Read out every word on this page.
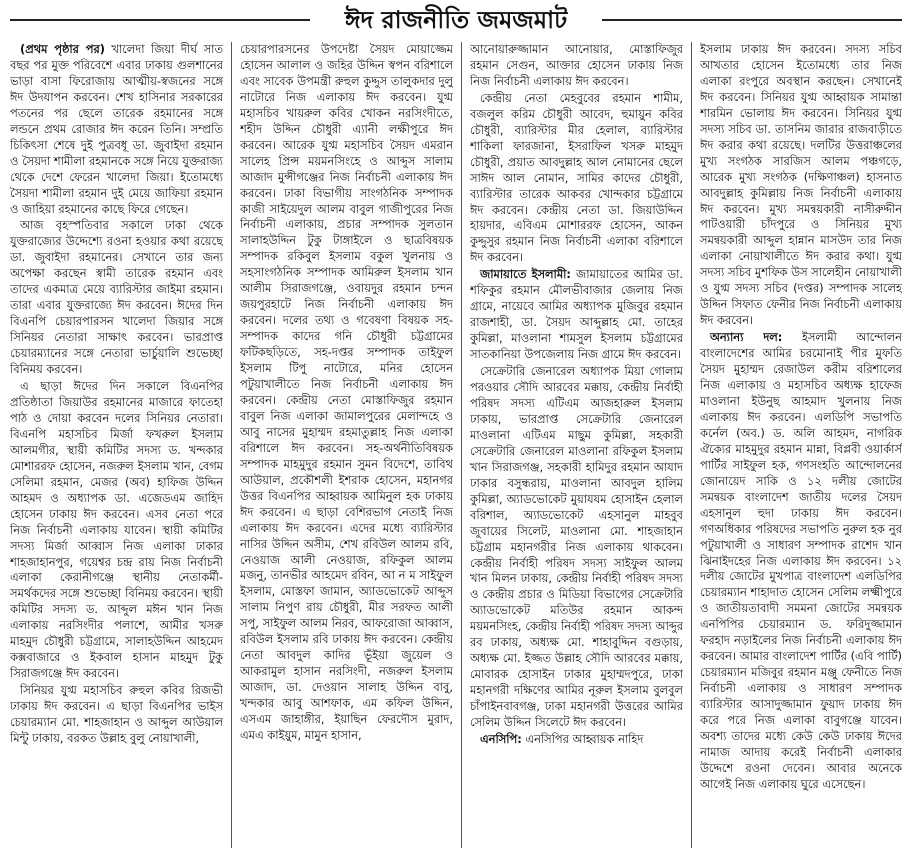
ঈদ রাজনীতি জমজমাট

(প্রথম পৃষ্ঠার পর) খালেদা জিয়া দীর্ঘ সাত বছর পর মুক্ত পরিবেশে এবার ঢাকায় গুলশানের ভাড়া বাসা ফিরোজায় আত্মীয়-স্বজনের সঙ্গে ঈদ উদযাপন করবেন। শেখ হাসিনার সরকারের পতনের পর ছেলে তারেক রহমানের সঙ্গে লন্ডনে প্রথম রোজার ঈদ করেন তিনি। সম্প্রতি চিকিৎসা শেষে দুই পুত্রবধূ ডা. জুবাইদা রহমান ও সৈয়দা শামীলা রহমানকে সঙ্গে নিয়ে যুক্তরাজ্য থেকে দেশে ফেরেন খালেদা জিয়া। ইতোমধ্যে সৈয়দা শামীলা রহমান দুই মেয়ে জাফিয়া রহমান ও জাহিয়া রহমানের কাছে ফিরে গেছেন।

আজ বৃহস্পতিবার সকালে ঢাকা থেকে যুক্তরাজ্যের উদ্দেশ্যে রওনা হওয়ার কথা রয়েছে ডা. জুবাইদা রহমানের। সেখানে তার জন্য অপেক্ষা করছেন স্বামী তারেক রহমান এবং তাদের একমাত্র মেয়ে ব্যারিস্টার জাইমা রহমান। তারা এবার যুক্তরাজ্যে ঈদ করবেন। ঈদের দিন বিএনপি চেয়ারপারসন খালেদা জিয়ার সঙ্গে সিনিয়র নেতারা সাক্ষাৎ করবেন। ভারপ্রাপ্ত চেয়ারম্যানের সঙ্গে নেতারা ভার্চুয়ালি শুভেচ্ছা বিনিময় করবেন।

এ ছাড়া ঈদের দিন সকালে বিএনপির প্রতিষ্ঠাতা জিয়াউর রহমানের মাজারে ফাতেহা পাঠ ও দোয়া করবেন দলের সিনিয়র নেতারা। বিএনপি মহাসচিব মির্জা ফখরুল ইসলাম আলমগীর, স্থায়ী কমিটির সদস্য ড. খন্দকার মোশাররফ হোসেন, নজরুল ইসলাম খান, বেগম সেলিমা রহমান, মেজর (অব) হাফিজ উদ্দিন আহমদ ও অধ্যাপক ডা. এজেডএম জাহিদ হোসেন ঢাকায় ঈদ করবেন। এসব নেতা পরে নিজ নির্বাচনী এলাকায় যাবেন। স্থায়ী কমিটির সদস্য মির্জা আব্বাস নিজ এলাকা ঢাকার শাহজাহানপুর, গয়েশ্বর চন্দ্র রায় নিজ নির্বাচনী এলাকা কেরানীগঞ্জে স্থানীয় নেতাকর্মী-সমর্থকদের সঙ্গে শুভেচ্ছা বিনিময় করবেন। স্থায়ী কমিটির সদস্য ড. আব্দুল মঈন খান নিজ এলাকায় নরসিংদীর পলাশে, আমীর খসরু মাহমুদ চৌধুরী চট্টগ্রামে, সালাহউদ্দিন আহমেদ কক্সবাজারে ও ইকবাল হাসান মাহমুদ টুকু সিরাজগঞ্জে ঈদ করবেন।

সিনিয়র যুগ্ম মহাসচিব রুহুল কবির রিজভী ঢাকায় ঈদ করবেন। এ ছাড়া বিএনপির ভাইস চেয়ারম্যান মো. শাহজাহান ও আব্দুল আউয়াল মিন্টু ঢাকায়, বরকত উল্লাহ বুলু নোয়াখালী,

চেয়ারপারসনের উপদেষ্টা সৈয়দ মোয়াজ্জেম হোসেন আলাল ও জহির উদ্দিন স্বপন বরিশালে এবং সাবেক উপমন্ত্রী রুহুল কুদ্দুস তালুকদার দুলু নাটোরে নিজ এলাকায় ঈদ করবেন। যুগ্ম মহাসচিব খায়রুল কবির খোকন নরসিংদীতে, শহীদ উদ্দিন চৌধুরী এ্যানী লক্ষীপুরে ঈদ করবেন। আরেক যুগ্ম মহাসচিব সৈয়দ এমরান সালেহ প্রিন্স ময়মনসিংহে ও আব্দুস সালাম আজাদ মুন্সীগঞ্জের নিজ নির্বাচনী এলাকায় ঈদ করবেন। ঢাকা বিভাগীয় সাংগঠনিক সম্পাদক কাজী সাইয়েদুল আলম বাবুল গাজীপুরের নিজ নির্বাচনী এলাকায়, প্রচার সম্পাদক সুলতান সালাহউদ্দিন টুকু টাঙ্গাইলে ও ছাত্রবিষয়ক সম্পাদক রকিবুল ইসলাম বকুল খুলনায় ও সহসাংগঠনিক সম্পাদক আমিরুল ইসলাম খান আলীম সিরাজগঞ্জে, ওবায়দুর রহমান চন্দন জয়পুরহাটে নিজ নির্বাচনী এলাকায় ঈদ করবেন। দলের তথ্য ও গবেষণা বিষয়ক সহ-সম্পাদক কাদের গনি চৌধুরী চট্টগ্রামের ফটিকছড়িতে, সহ-দপ্তর সম্পাদক তাইফুল ইসলাম টিপু নাটোরে, মনির হোসেন পটুয়াখালীতে নিজ নির্বাচনী এলাকায় ঈদ করবেন। কেন্দ্রীয় নেতা মোস্তাফিজুর রহমান বাবুল নিজ এলাকা জামালপুরের মেলান্দহে ও আবু নাসের মুহাম্মদ রহমাতুল্লাহ নিজ এলাকা বরিশালে ঈদ করবেন। সহ-অর্থনীতিবিষয়ক সম্পাদক মাহমুদুর রহমান সুমন বিদেশে, তাবিথ আউয়াল, প্রকৌশলী ইশরাক হোসেন, মহানগর উত্তর বিএনপির আহ্বায়ক আমিনুল হক ঢাকায় ঈদ করবেন। এ ছাড়া বেশিরভাগ নেতাই নিজ এলাকায় ঈদ করবেন। এদের মধ্যে ব্যারিস্টার নাসির উদ্দিন অসীম, শেখ রবিউল আলম রবি, নেওয়াজ আলী নেওয়াজ, রফিকুল আলম মজনু, তানভীর আহমেদ রবিন, আ ন ম সাইফুল ইসলাম, মোস্তফা জামান, অ্যাডভোকেট আব্দুস সালাম নিপুণ রায় চৌধুরী, মীর সরফত আলী সপু, সাইফুল আলম নিরব, আফরোজা আব্বাস, রবিউল ইসলাম রবি ঢাকায় ঈদ করবেন। কেন্দ্রীয় নেতা আবদুল কাদির ভূঁইয়া জুয়েল ও আকরামুল হাসান নরসিংদী, নজরুল ইসলাম আজাদ, ডা. দেওয়ান সালাহ উদ্দিন বাবু, খন্দকার আবু আশফাক, এম কফিল উদ্দিন, এসএম জাহাঙ্গীর, ইয়াছিন ফেরদৌস মুরাদ, এমএ কাইয়ুম, মামুন হাসান,

আনোয়ারুজ্জামান আনোয়ার, মোস্তাফিজুর রহমান সেগুন, আক্তার হোসেন ঢাকায় নিজ নিজ নির্বাচনী এলাকায় ঈদ করবেন।

কেন্দ্রীয় নেতা মেহবুবের রহমান শামীম, বজলুল করিম চৌধুরী আবেদ, হুমায়ুন কবির চৌধুরী, ব্যারিস্টার মীর হেলাল, ব্যারিস্টার শাকিলা ফারজানা, ইসরাফিল খসরু মাহমুদ চৌধুরী, প্রয়াত আবদুল্লাহ আল নোমানের ছেলে সাঈদ আল নোমান, সামির কাদের চৌধুরী, ব্যারিস্টার তারেক আকবর খোন্দকার চট্টগ্রামে ঈদ করবেন। কেন্দ্রীয় নেতা ডা. জিয়াউদ্দিন হায়দার, এবিএম মোশাররফ হোসেন, আকন কুদ্দুসুর রহমান নিজ নির্বাচনী এলাকা বরিশালে ঈদ করবেন।

জামায়াতে ইসলামী: জামায়াতের আমির ডা. শফিকুর রহমান মৌলভীবাজার জেলায় নিজ গ্রামে, নায়েবে আমির অধ্যাপক মুজিবুর রহমান রাজশাহী, ডা. সৈয়দ আব্দুল্লাহ মো. তাহের কুমিল্লা, মাওলানা শামসুল ইসলাম চট্টগ্রামের সাতকানিয়া উপজেলায় নিজ গ্রামে ঈদ করবেন।

সেক্রেটারি জেনারেল অধ্যাপক মিয়া গোলাম পরওয়ার সৌদি আরবের মক্কায়, কেন্দ্রীয় নির্বাহী পরিষদ সদস্য এটিএম আজহারুল ইসলাম ঢাকায়, ভারপ্রাপ্ত সেক্রেটারি জেনারেল মাওলানা এটিএম মাছুম কুমিল্লা, সহকারী সেক্রেটারি জেনারেল মাওলানা রফিকুল ইসলাম খান সিরাজগঞ্জ, সহকারী হামিদুর রহমান আযাদ ঢাকার বসুন্ধরায়, মাওলানা আবদুল হালিম কুমিল্লা, অ্যাডভোকেট মুয়াযযম হোসাইন হেলাল বরিশাল, অ্যাডভোকেট এহসানুল মাহবুব জুবায়ের সিলেট, মাওলানা মো. শাহজাহান চট্টগ্রাম মহানগরীর নিজ এলাকায় থাকবেন। কেন্দ্রীয় নির্বাহী পরিষদ সদস্য সাইফুল আলম খান মিলন ঢাকায়, কেন্দ্রীয় নির্বাহী পরিষদ সদস্য ও কেন্দ্রীয় প্রচার ও মিডিয়া বিভাগের সেক্রেটারি অ্যাডভোকেট মতিউর রহমান আকন্দ ময়মনসিংহ, কেন্দ্রীয় নির্বাহী পরিষদ সদস্য আব্দুর রব ঢাকায়, অধ্যক্ষ মো. শাহাবুদ্দিন বগুড়ায়, অধ্যক্ষ মো. ইজ্জত উল্লাহ সৌদি আরবের মক্কায়, মোবারক হোসাইন ঢাকার মুহাম্মদপুরে, ঢাকা মহানগরী দক্ষিণের আমির নূরুল ইসলাম বুলবুল চাঁপাইনবাবগঞ্জ, ঢাকা মহানগরী উত্তরের আমির সেলিম উদ্দিন সিলেটে ঈদ করবেন।

এনসিপি: এনসিপির আহ্বায়ক নাহিদ

ইসলাম ঢাকায় ঈদ করবেন। সদস্য সচিব আখতার হোসেন ইতোমধ্যে তার নিজ এলাকা রংপুরে অবস্থান করছেন। সেখানেই ঈদ করবেন। সিনিয়র যুগ্ম আহ্বায়ক সামান্তা শারমিন ভোলায় ঈদ করবেন। সিনিয়র যুগ্ম সদস্য সচিব ডা. তাসনিম জারার রাজবাড়ীতে ঈদ করার কথা রয়েছে। দলটির উত্তরাঞ্চলের মুখ্য সংগঠক সারজিস আলম পঞ্চগড়ে, আরেক মুখ্য সংগঠক (দক্ষিণাঞ্চল) হাসনাত আবদুল্লাহ কুমিল্লায় নিজ নির্বাচনী এলাকায় ঈদ করবেন। মুখ্য সমন্বয়কারী নাসীরুদ্দীন পাটওয়ারী চাঁদপুরে ও সিনিয়র মুখ্য সমন্বয়কারী আব্দুল হান্নান মাসউদ তার নিজ এলাকা নোয়াখালীতে ঈদ করার কথা। যুগ্ম সদস্য সচিব মুশফিক উস সালেহীন নোয়াখালী ও যুগ্ম সদস্য সচিব (দপ্তর) সম্পাদক সালেহ উদ্দিন সিফাত ফেনীর নিজ নির্বাচনী এলাকায় ঈদ করবেন।

অন্যান্য দল: ইসলামী আন্দোলন বাংলাদেশের আমির চরমোনাই পীর মুফতি সৈয়দ মুহাম্মদ রেজাউল করীম বরিশালের নিজ এলাকায় ও মহাসচিব অধ্যক্ষ হাফেজ মাওলানা ইউনুছ আহমাদ খুলনায় নিজ এলাকায় ঈদ করবেন। এলডিপি সভাপতি কর্নেল (অব.) ড. অলি আহমদ, নাগরিক ঐক্যের মাহমুদুর রহমান মান্না, বিপ্লবী ওয়ার্কার্স পার্টির সাইফুল হক, গণসংহতি আন্দোলনের জোনায়েদ সাকি ও ১২ দলীয় জোটের সমন্বয়ক বাংলাদেশ জাতীয় দলের সৈয়দ এহসানুল হুদা ঢাকায় ঈদ করবেন। গণঅধিকার পরিষদের সভাপতি নুরুল হক নুর পটুয়াখালী ও সাধারণ সম্পাদক রাশেদ খান ঝিনাইদহের নিজ এলাকায় ঈদ করবেন। ১২ দলীয় জোটের মুখপাত্র বাংলাদেশ এলডিপির চেয়ারম্যান শাহাদাত হোসেন সেলিম লক্ষ্মীপুরে ও জাতীয়তাবাদী সমমনা জোটের সমন্বয়ক এনপিপির চেয়ারম্যান ড. ফরিদুজ্জামান ফরহাদ নড়াইলের নিজ নির্বাচনী এলাকায় ঈদ করবেন। আমার বাংলাদেশ পার্টির (এবি পার্টি) চেয়ারম্যান মজিবুর রহমান মঞ্জু ফেনীতে নিজ নির্বাচনী এলাকায় ও সাধারণ সম্পাদক ব্যারিস্টার আসাদুজ্জামান ফুয়াদ ঢাকায় ঈদ করে পরে নিজ এলাকা বাবুগঞ্জে যাবেন। অবশ্য তাদের মধ্যে কেউ কেউ ঢাকায় ঈদের নামাজ আদায় করেই নির্বাচনী এলাকার উদ্দেশে রওনা দেবেন। আবার অনেকে আগেই নিজ এলাকায় ঘুরে এসেছেন।
